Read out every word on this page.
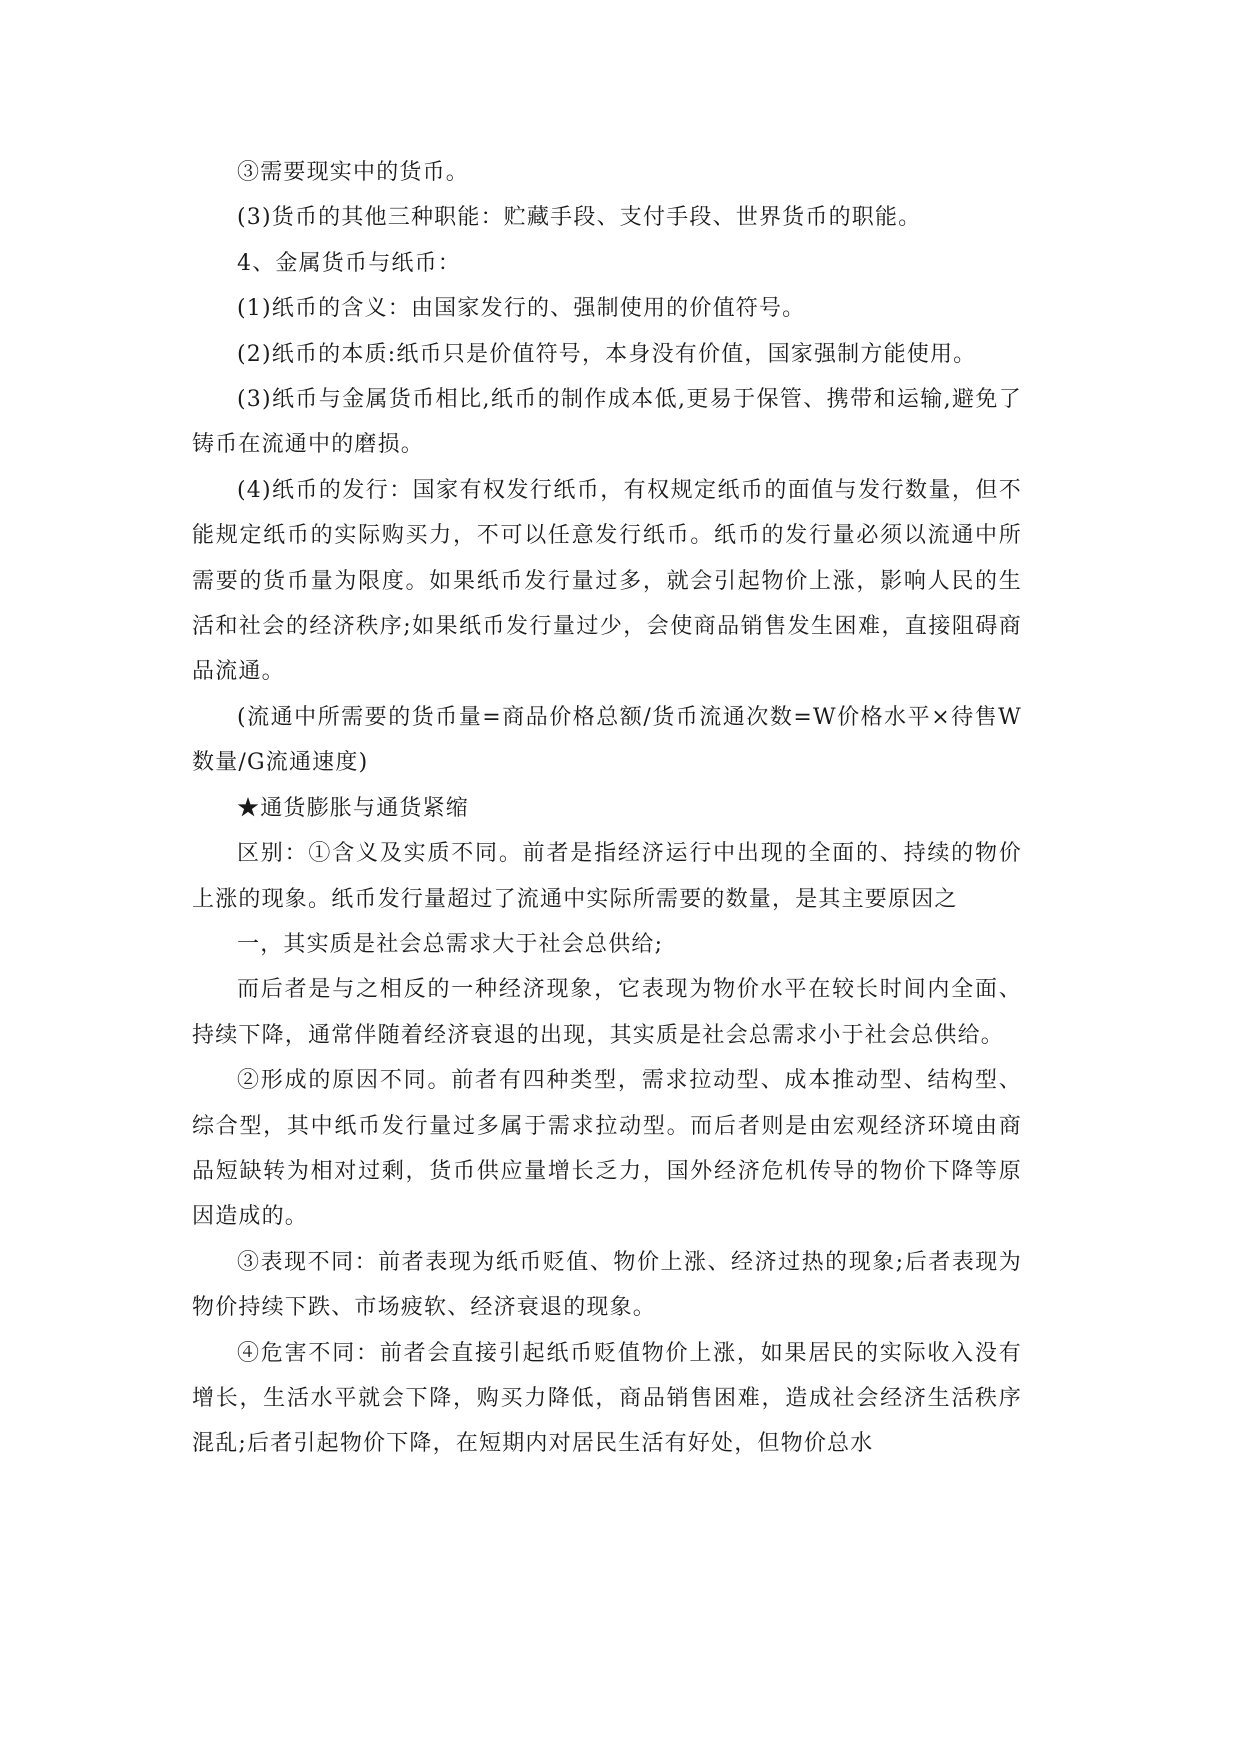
③需要现实中的货币。

(3)货币的其他三种职能：贮藏手段、支付手段、世界货币的职能。

4、金属货币与纸币：

(1)纸币的含义：由国家发行的、强制使用的价值符号。

(2)纸币的本质:纸币只是价值符号，本身没有价值，国家强制方能使用。

(3)纸币与金属货币相比,纸币的制作成本低,更易于保管、携带和运输,避免了铸币在流通中的磨损。

(4)纸币的发行：国家有权发行纸币，有权规定纸币的面值与发行数量，但不能规定纸币的实际购买力，不可以任意发行纸币。纸币的发行量必须以流通中所需要的货币量为限度。如果纸币发行量过多，就会引起物价上涨，影响人民的生活和社会的经济秩序;如果纸币发行量过少，会使商品销售发生困难，直接阻碍商品流通。

(流通中所需要的货币量=商品价格总额/货币流通次数=W价格水平×待售W数量/G流通速度)

★通货膨胀与通货紧缩

区别：①含义及实质不同。前者是指经济运行中出现的全面的、持续的物价上涨的现象。纸币发行量超过了流通中实际所需要的数量，是其主要原因之

一，其实质是社会总需求大于社会总供给;

而后者是与之相反的一种经济现象，它表现为物价水平在较长时间内全面、持续下降，通常伴随着经济衰退的出现，其实质是社会总需求小于社会总供给。

②形成的原因不同。前者有四种类型，需求拉动型、成本推动型、结构型、综合型，其中纸币发行量过多属于需求拉动型。而后者则是由宏观经济环境由商品短缺转为相对过剩，货币供应量增长乏力，国外经济危机传导的物价下降等原因造成的。

③表现不同：前者表现为纸币贬值、物价上涨、经济过热的现象;后者表现为物价持续下跌、市场疲软、经济衰退的现象。

④危害不同：前者会直接引起纸币贬值物价上涨，如果居民的实际收入没有增长，生活水平就会下降，购买力降低，商品销售困难，造成社会经济生活秩序混乱;后者引起物价下降，在短期内对居民生活有好处，但物价总水
